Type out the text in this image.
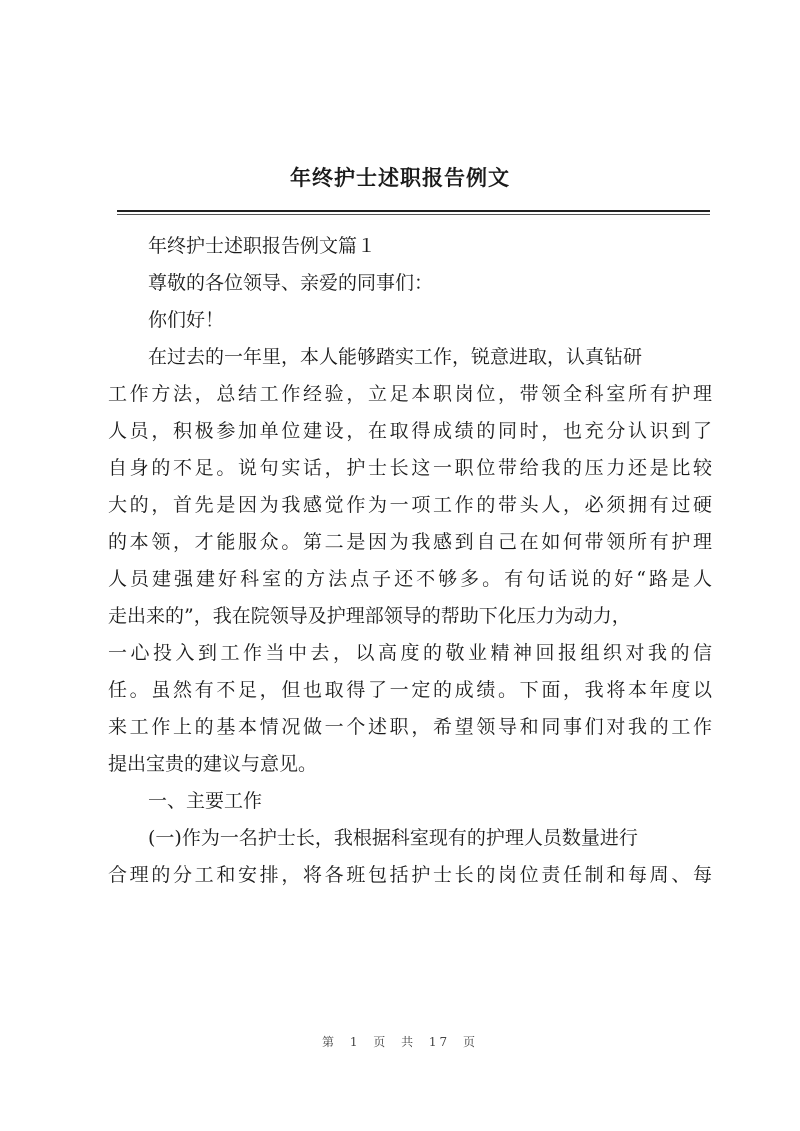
年终护士述职报告例文
年终护士述职报告例文篇１
尊敬的各位领导、亲爱的同事们：
你们好！
在过去的一年里，本人能够踏实工作，锐意进取，认真钻研
工作方法，总结工作经验，立足本职岗位，带领全科室所有护理
人员，积极参加单位建设，在取得成绩的同时，也充分认识到了
自身的不足。说句实话，护士长这一职位带给我的压力还是比较
大的，首先是因为我感觉作为一项工作的带头人，必须拥有过硬
的本领，才能服众。第二是因为我感到自己在如何带领所有护理
人员建强建好科室的方法点子还不够多。有句话说的好“路是人
走出来的”，我在院领导及护理部领导的帮助下化压力为动力，
一心投入到工作当中去，以高度的敬业精神回报组织对我的信
任。虽然有不足，但也取得了一定的成绩。下面，我将本年度以
来工作上的基本情况做一个述职，希望领导和同事们对我的工作
提出宝贵的建议与意见。
一、主要工作
(一)作为一名护士长，我根据科室现有的护理人员数量进行
合理的分工和安排，将各班包括护士长的岗位责任制和每周、每
第 1 页 共 17 页
